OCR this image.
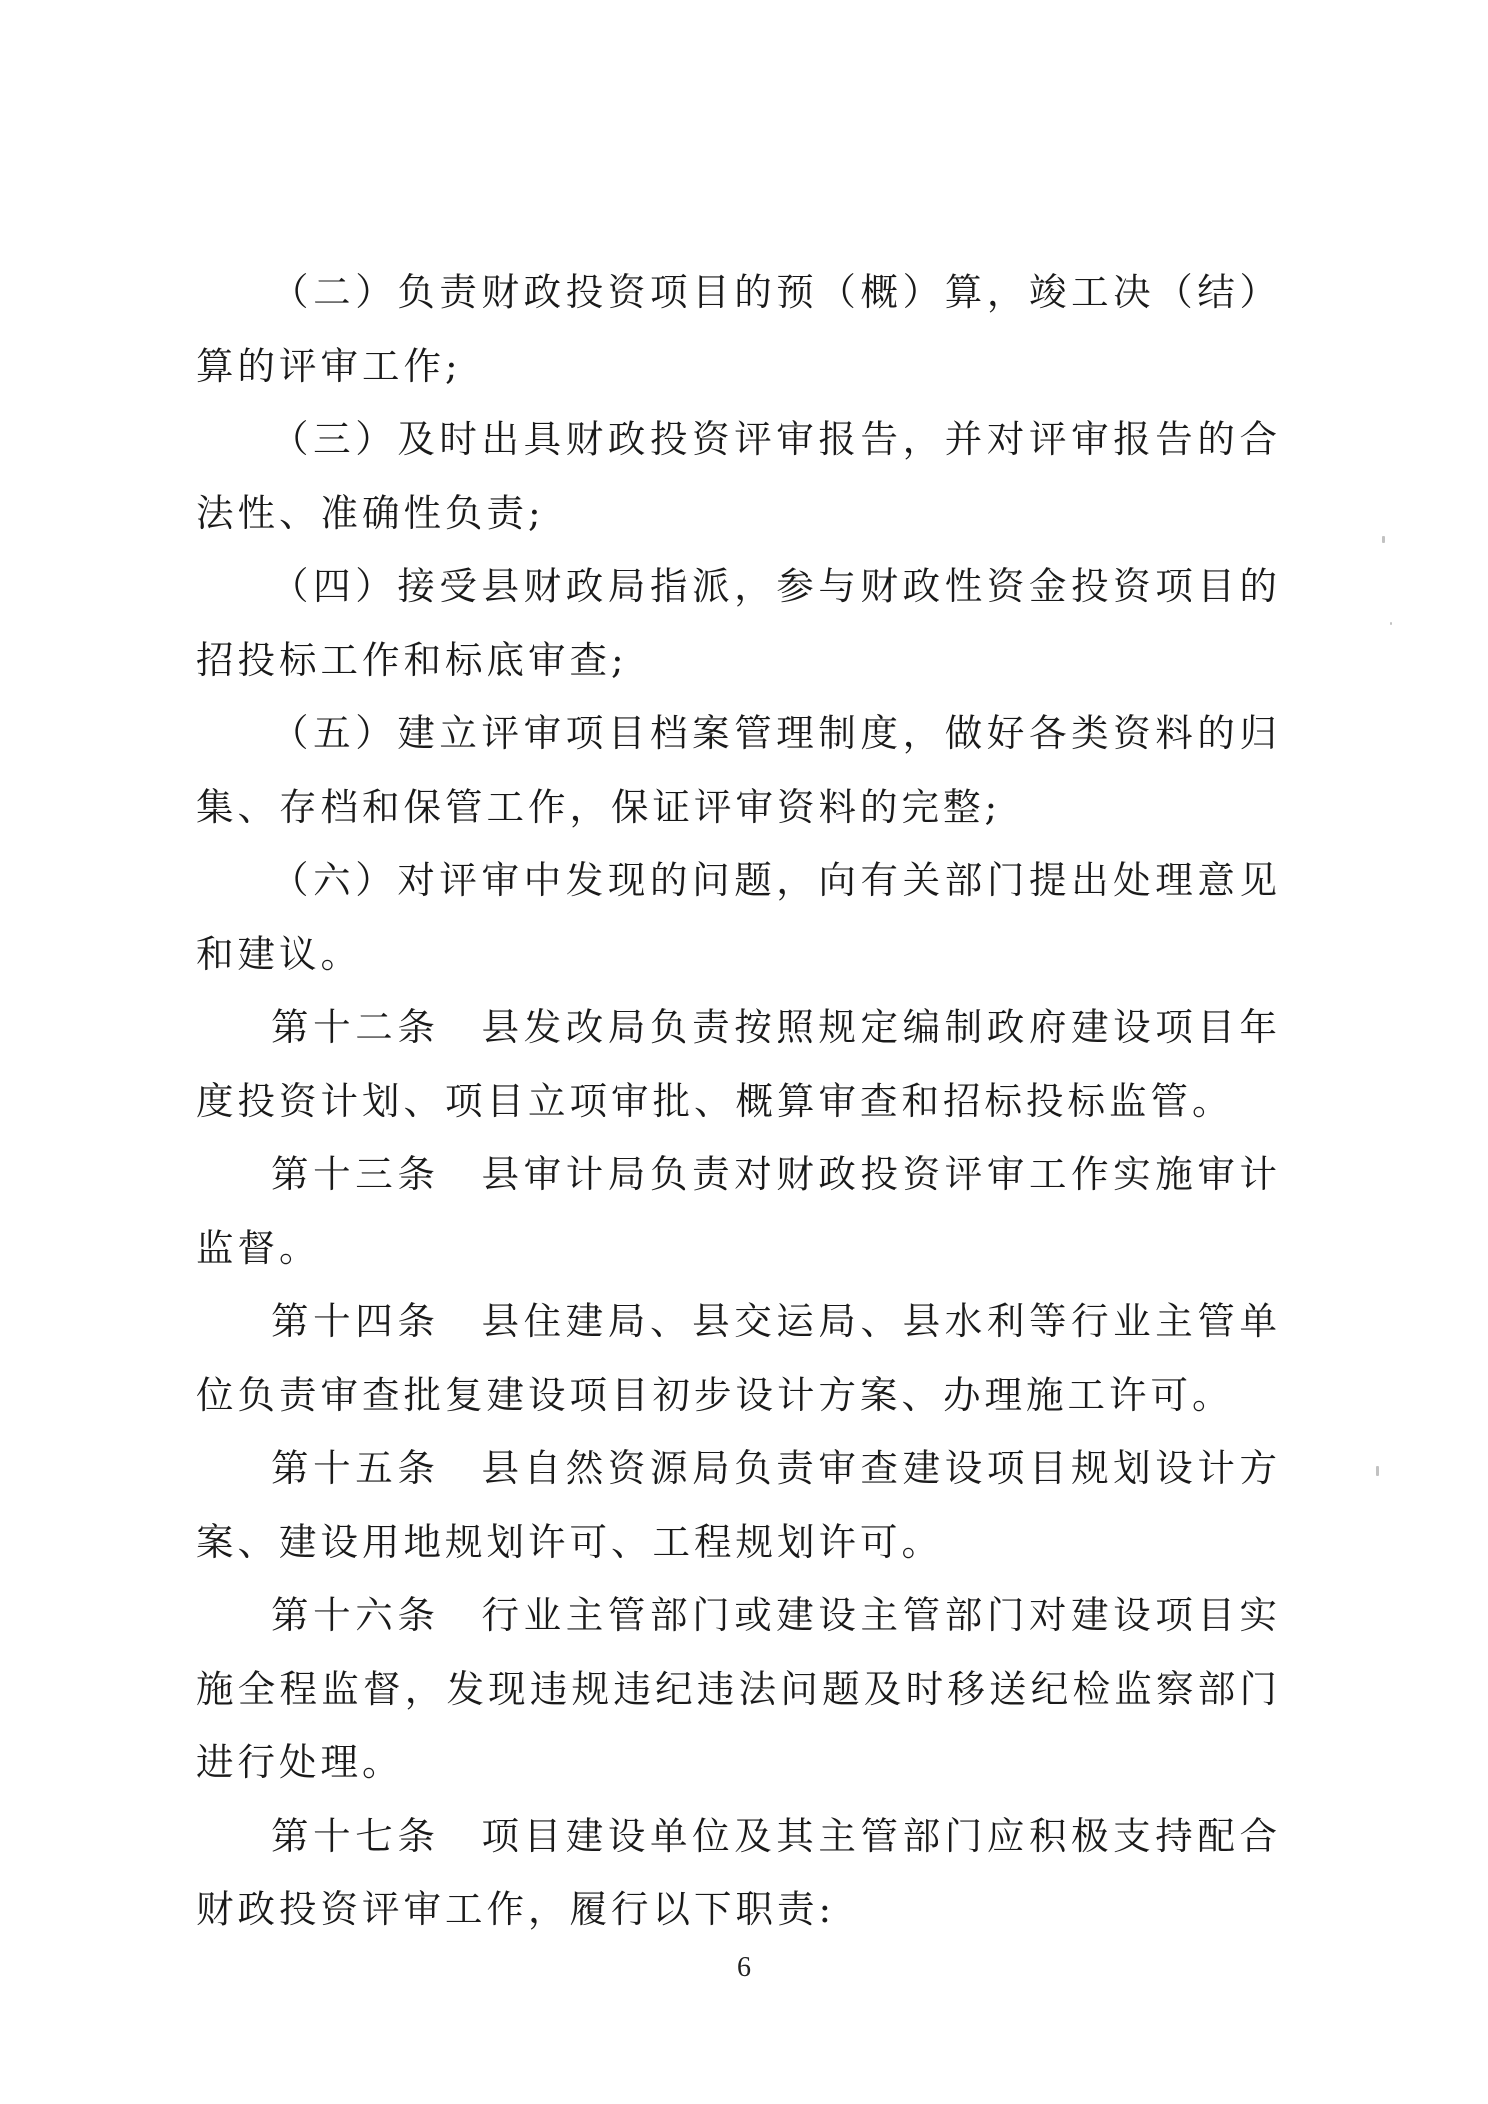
（二）负责财政投资项目的预（概）算，竣工决（结）算的评审工作;

（三）及时出具财政投资评审报告，并对评审报告的合法性、准确性负责;

（四）接受县财政局指派，参与财政性资金投资项目的招投标工作和标底审查;

（五）建立评审项目档案管理制度，做好各类资料的归集、存档和保管工作，保证评审资料的完整;

（六）对评审中发现的问题，向有关部门提出处理意见和建议。

第十二条　县发改局负责按照规定编制政府建设项目年度投资计划、项目立项审批、概算审查和招标投标监管。

第十三条　县审计局负责对财政投资评审工作实施审计监督。

第十四条　县住建局、县交运局、县水利等行业主管单位负责审查批复建设项目初步设计方案、办理施工许可。

第十五条　县自然资源局负责审查建设项目规划设计方案、建设用地规划许可、工程规划许可。

第十六条　行业主管部门或建设主管部门对建设项目实施全程监督，发现违规违纪违法问题及时移送纪检监察部门进行处理。

第十七条　项目建设单位及其主管部门应积极支持配合财政投资评审工作，履行以下职责:

6
